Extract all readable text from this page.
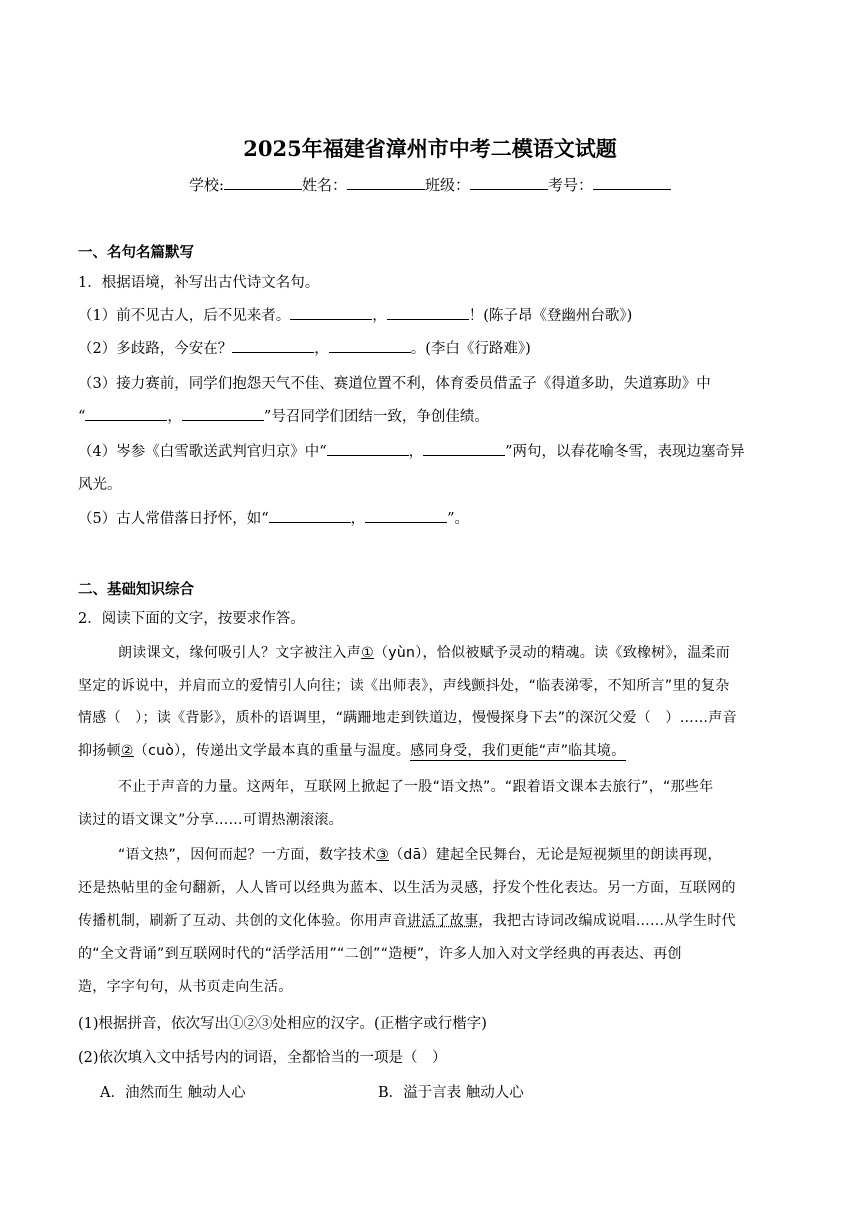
2025年福建省漳州市中考二模语文试题
学校:	姓名：	班级：	考号：
一、名句名篇默写
1．根据语境，补写出古代诗文名句。
（1）前不见古人，后不见来者。	，	！(陈子昂《登幽州台歌》)
（2）多歧路，今安在？	，	。(李白《行路难》)
（3）接力赛前，同学们抱怨天气不佳、赛道位置不利，体育委员借孟子《得道多助，失道寡助》中
“	，	”号召同学们团结一致，争创佳绩。
（4）岑参《白雪歌送武判官归京》中“	，	”两句，以春花喻冬雪，表现边塞奇异
风光。
（5）古人常借落日抒怀，如“	，	”。
二、基础知识综合
2．阅读下面的文字，按要求作答。
朗读课文，缘何吸引人？文字被注入声①（yùn），恰似被赋予灵动的精魂。读《致橡树》，温柔而
坚定的诉说中，并肩而立的爱情引人向往；读《出师表》，声线颤抖处，“临表涕零，不知所言”里的复杂
情感（　）；读《背影》，质朴的语调里，“蹒跚地走到铁道边，慢慢探身下去”的深沉父爱（　）……声音
抑扬顿②（cuò），传递出文学最本真的重量与温度。感同身受，我们更能“声”临其境。
不止于声音的力量。这两年，互联网上掀起了一股“语文热”。“跟着语文课本去旅行”，“那些年
读过的语文课文”分享……可谓热潮滚滚。
“语文热”，因何而起？一方面，数字技术③（dā）建起全民舞台，无论是短视频里的朗读再现，
还是热帖里的金句翻新，人人皆可以经典为蓝本、以生活为灵感，抒发个性化表达。另一方面，互联网的
传播机制，刷新了互动、共创的文化体验。你用声音讲活了故事，我把古诗词改编成说唱……从学生时代
的“全文背诵”到互联网时代的“活学活用”“二创”“造梗”，许多人加入对文学经典的再表达、再创
造，字字句句，从书页走向生活。
(1)根据拼音，依次写出①②③处相应的汉字。(正楷字或行楷字)
(2)依次填入文中括号内的词语，全都恰当的一项是（　）
A．油然而生 触动人心	B．溢于言表 触动人心
